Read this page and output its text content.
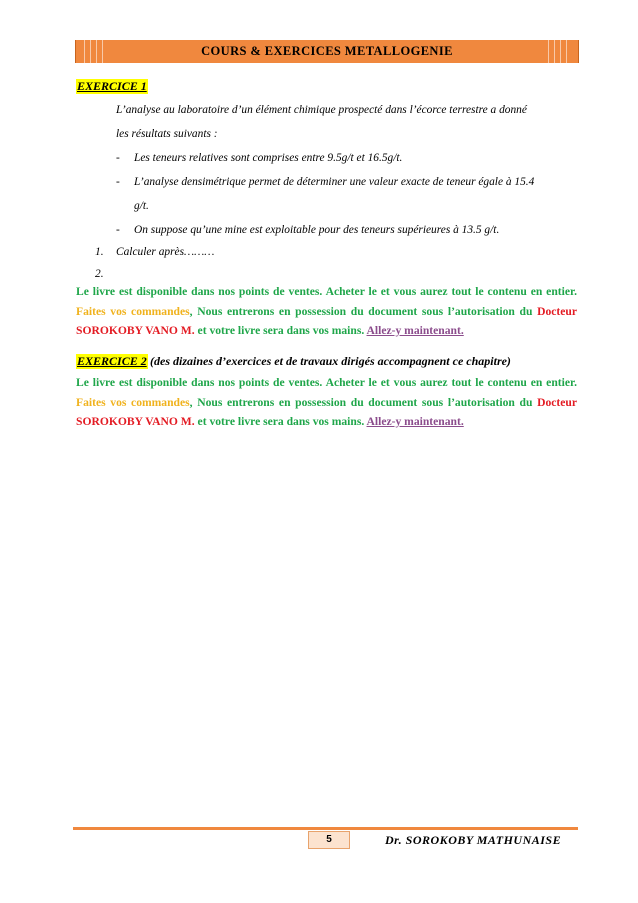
COURS & EXERCICES METALLOGENIE
EXERCICE 1
L’analyse au laboratoire d’un élément chimique prospecté dans l’écorce terrestre a donné
les résultats suivants :
- Les teneurs relatives sont comprises entre 9.5g/t et 16.5g/t.
- L’analyse densimétrique permet de déterminer une valeur exacte de teneur égale à 15.4
g/t.
- On suppose qu’une mine est exploitable pour des teneurs supérieures à 13.5 g/t.
1. Calculer après………
2.

Le livre est disponible dans nos points de ventes. Acheter le et vous aurez tout le contenu en entier. Faites vos commandes, Nous entrerons en possession du document sous l’autorisation du Docteur SOROKOBY VANO M. et votre livre sera dans vos mains. Allez-y maintenant.

EXERCICE 2 (des dizaines d’exercices et de travaux dirigés accompagnent ce chapitre)

Le livre est disponible dans nos points de ventes. Acheter le et vous aurez tout le contenu en entier. Faites vos commandes, Nous entrerons en possession du document sous l’autorisation du Docteur SOROKOBY VANO M. et votre livre sera dans vos mains. Allez-y maintenant.

5	Dr. SOROKOBY MATHUNAISE
